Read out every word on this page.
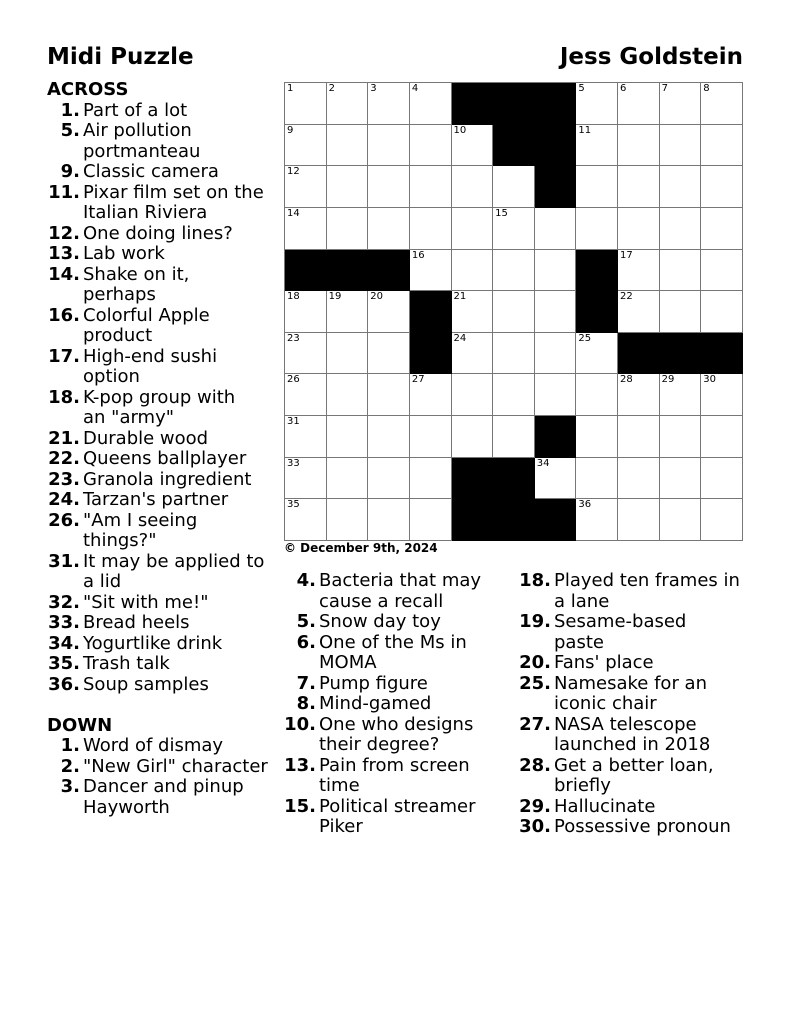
Midi Puzzle	Jess Goldstein
ACROSS
1. Part of a lot
5. Air pollution
portmanteau
9. Classic camera
11. Pixar film set on the
Italian Riviera
12. One doing lines?
13. Lab work
14. Shake on it,
perhaps
16. Colorful Apple
product
17. High-end sushi
option
18. K-pop group with
an "army"
21. Durable wood
22. Queens ballplayer
23. Granola ingredient
24. Tarzan's partner
26. "Am I seeing
things?"
31. It may be applied to
a lid
32. "Sit with me!"
33. Bread heels
34. Yogurtlike drink
35. Trash talk
36. Soup samples
DOWN
1. Word of dismay
2. "New Girl" character
3. Dancer and pinup
Hayworth
1	2	3	4	5	6	7	8
9	10	11
12
14	15
16	17
18	19	20	21	22
23	24	25
26	27	28	29	30
31
33	34
35	36
© December 9th, 2024
4. Bacteria that may
cause a recall
5. Snow day toy
6. One of the Ms in
MOMA
7. Pump figure
8. Mind-gamed
10. One who designs
their degree?
13. Pain from screen
time
15. Political streamer
Piker
18. Played ten frames in
a lane
19. Sesame-based
paste
20. Fans' place
25. Namesake for an
iconic chair
27. NASA telescope
launched in 2018
28. Get a better loan,
briefly
29. Hallucinate
30. Possessive pronoun
